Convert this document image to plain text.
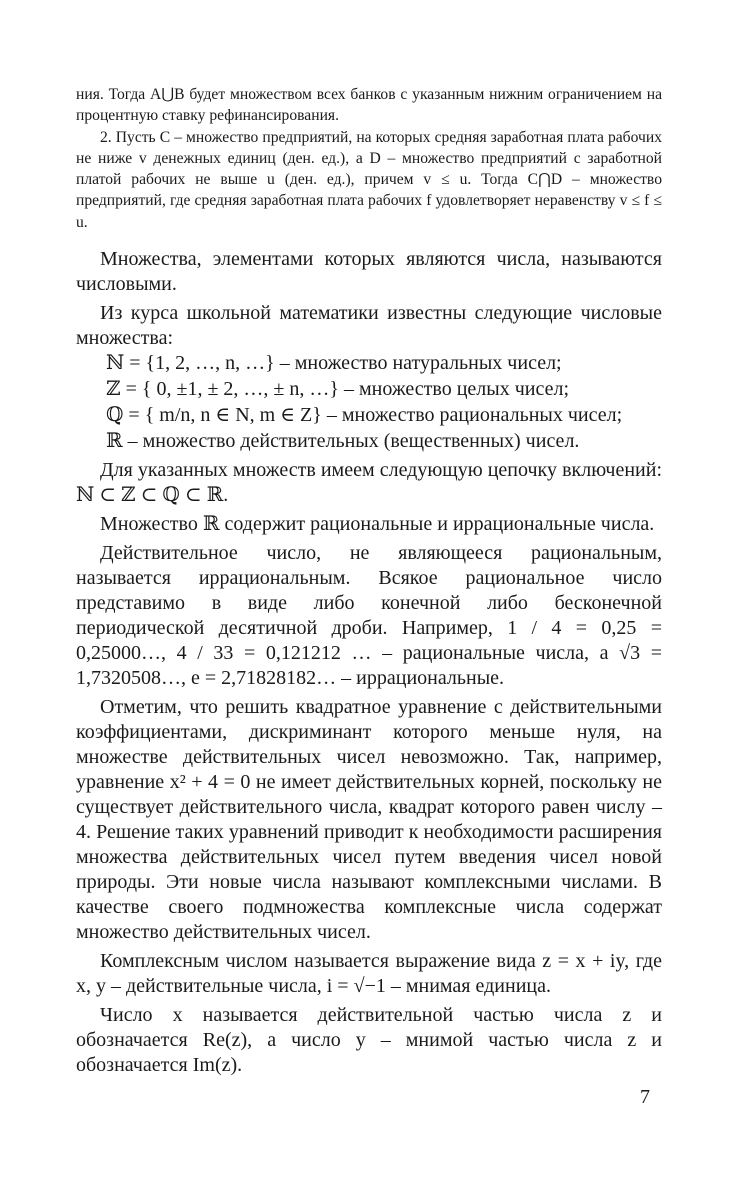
ния. Тогда A⋃B будет множеством всех банков с указанным нижним ограничением на процентную ставку рефинансирования.

2. Пусть C – множество предприятий, на которых средняя заработная плата рабочих не ниже v денежных единиц (ден. ед.), а D – множество предприятий с заработной платой рабочих не выше u (ден. ед.), причем v ≤ u. Тогда C⋂D – множество предприятий, где средняя заработная плата рабочих f удовлетворяет неравенству v ≤ f ≤ u.

Множества, элементами которых являются числа, называются числовыми.

Из курса школьной математики известны следующие числовые множества:

ℕ = {1, 2, …, n, …} – множество натуральных чисел;

ℤ = { 0, ±1, ± 2, …, ± n, …} – множество целых чисел;

ℚ = { m/n, n ∈ N, m ∈ Z} – множество рациональных чисел;

ℝ – множество действительных (вещественных) чисел.

Для указанных множеств имеем следующую цепочку включений: ℕ ⊂ ℤ ⊂ ℚ ⊂ ℝ.

Множество ℝ содержит рациональные и иррациональные числа.

Действительное число, не являющееся рациональным, называется иррациональным. Всякое рациональное число представимо в виде либо конечной либо бесконечной периодической десятичной дроби. Например, 1 / 4 = 0,25 = 0,25000…, 4 / 33 = 0,121212 … – рациональные числа, а √3 = 1,7320508…, e = 2,71828182… – иррациональные.

Отметим, что решить квадратное уравнение с действительными коэффициентами, дискриминант которого меньше нуля, на множестве действительных чисел невозможно. Так, например, уравнение x² + 4 = 0 не имеет действительных корней, поскольку не существует действительного числа, квадрат которого равен числу – 4. Решение таких уравнений приводит к необходимости расширения множества действительных чисел путем введения чисел новой природы. Эти новые числа называют комплексными числами. В качестве своего подмножества комплексные числа содержат множество действительных чисел.

Комплексным числом называется выражение вида z = x + iy, где x, y – действительные числа, i = √−1 – мнимая единица.

Число x называется действительной частью числа z и обозначается Re(z), а число y – мнимой частью числа z и обозначается Im(z).

7
